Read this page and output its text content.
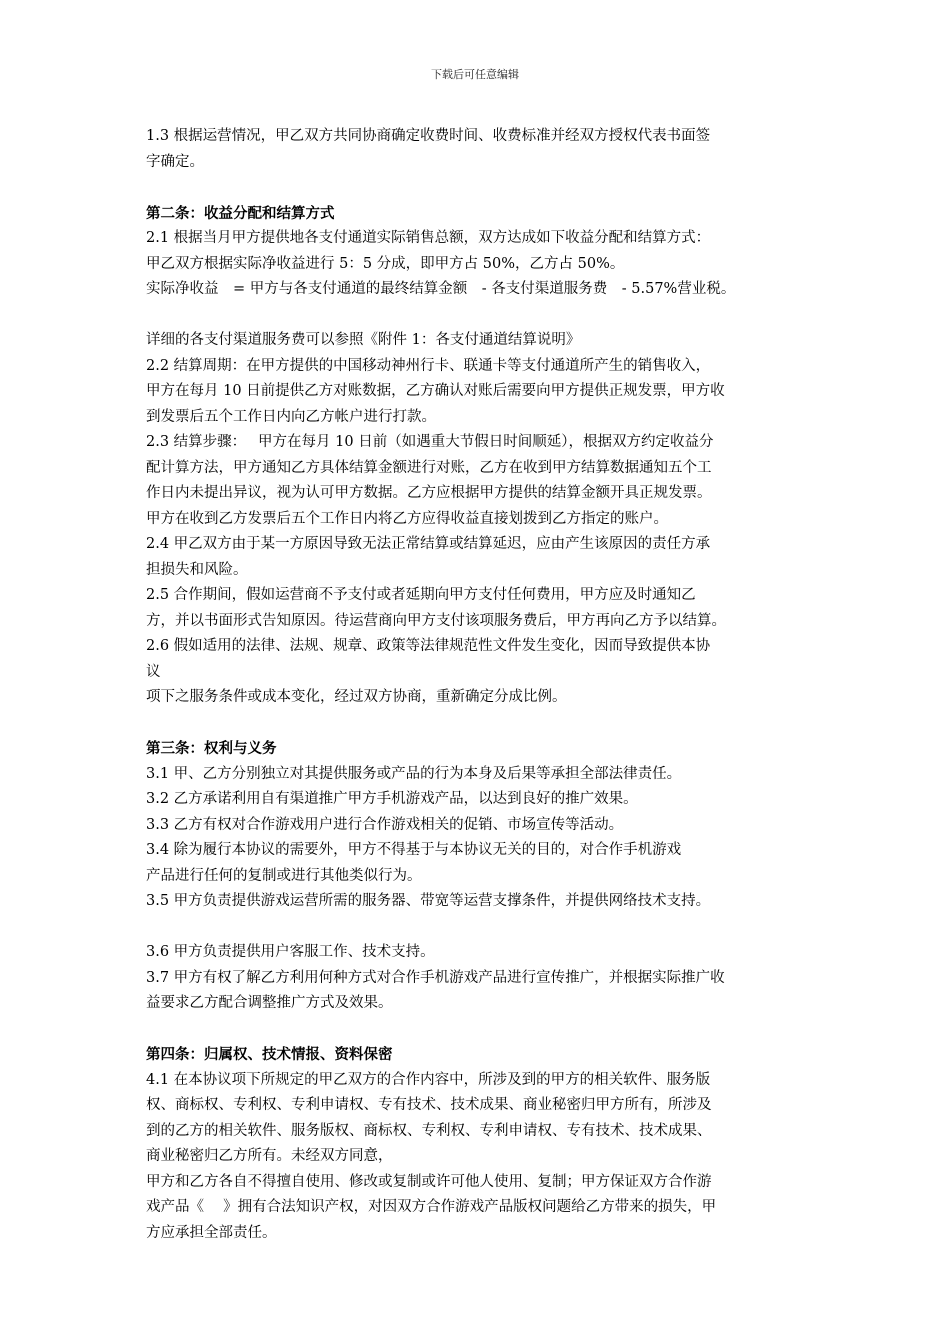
下载后可任意编辑
1.3 根据运营情况，甲乙双方共同协商确定收费时间、收费标准并经双方授权代表书面签
字确定。
第二条：收益分配和结算方式
2.1 根据当月甲方提供地各支付通道实际销售总额，双方达成如下收益分配和结算方式：
甲乙双方根据实际净收益进行 5：5 分成，即甲方占 50%，乙方占 50%。
实际净收益　= 甲方与各支付通道的最终结算金额　- 各支付渠道服务费　- 5.57%营业税。
详细的各支付渠道服务费可以参照《附件 1：各支付通道结算说明》
2.2 结算周期：在甲方提供的中国移动神州行卡、联通卡等支付通道所产生的销售收入，
甲方在每月 10 日前提供乙方对账数据，乙方确认对账后需要向甲方提供正规发票，甲方收
到发票后五个工作日内向乙方帐户进行打款。
2.3 结算步骤：　 甲方在每月 10 日前（如遇重大节假日时间顺延），根据双方约定收益分
配计算方法，甲方通知乙方具体结算金额进行对账，乙方在收到甲方结算数据通知五个工
作日内未提出异议，视为认可甲方数据。乙方应根据甲方提供的结算金额开具正规发票。
甲方在收到乙方发票后五个工作日内将乙方应得收益直接划拨到乙方指定的账户。
2.4 甲乙双方由于某一方原因导致无法正常结算或结算延迟，应由产生该原因的责任方承
担损失和风险。
2.5 合作期间，假如运营商不予支付或者延期向甲方支付任何费用，甲方应及时通知乙
方，并以书面形式告知原因。待运营商向甲方支付该项服务费后，甲方再向乙方予以结算。
2.6 假如适用的法律、法规、规章、政策等法律规范性文件发生变化，因而导致提供本协
议
项下之服务条件或成本变化，经过双方协商，重新确定分成比例。
第三条：权利与义务
3.1 甲、乙方分别独立对其提供服务或产品的行为本身及后果等承担全部法律责任。
3.2 乙方承诺利用自有渠道推广甲方手机游戏产品，以达到良好的推广效果。
3.3 乙方有权对合作游戏用户进行合作游戏相关的促销、市场宣传等活动。
3.4 除为履行本协议的需要外，甲方不得基于与本协议无关的目的，对合作手机游戏
产品进行任何的复制或进行其他类似行为。
3.5 甲方负责提供游戏运营所需的服务器、带宽等运营支撑条件，并提供网络技术支持。
3.6 甲方负责提供用户客服工作、技术支持。
3.7 甲方有权了解乙方利用何种方式对合作手机游戏产品进行宣传推广，并根据实际推广收
益要求乙方配合调整推广方式及效果。
第四条：归属权、技术情报、资料保密
4.1 在本协议项下所规定的甲乙双方的合作内容中，所涉及到的甲方的相关软件、服务版
权、商标权、专利权、专利申请权、专有技术、技术成果、商业秘密归甲方所有，所涉及
到的乙方的相关软件、服务版权、商标权、专利权、专利申请权、专有技术、技术成果、
商业秘密归乙方所有。未经双方同意，
甲方和乙方各自不得擅自使用、修改或复制或许可他人使用、复制；甲方保证双方合作游
戏产品《　 》拥有合法知识产权，对因双方合作游戏产品版权问题给乙方带来的损失，甲
方应承担全部责任。
